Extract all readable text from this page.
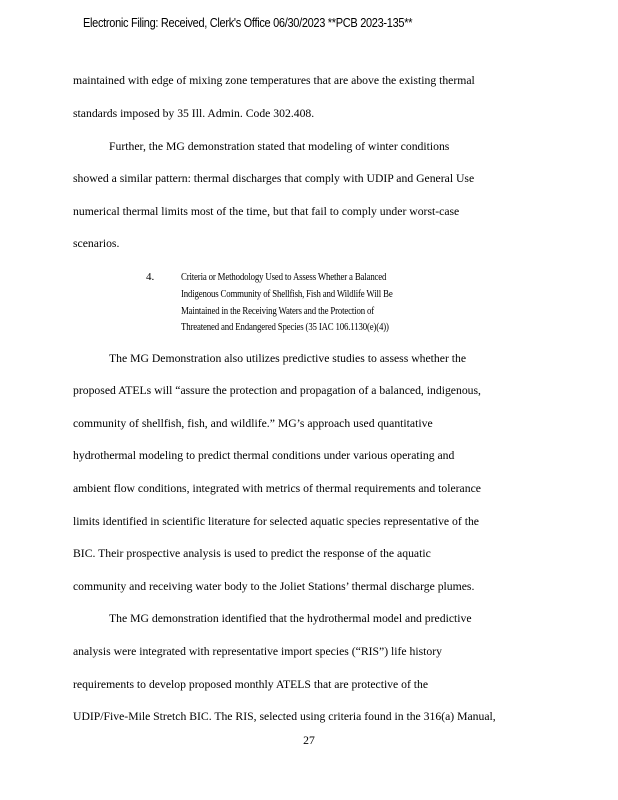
Electronic Filing: Received, Clerk's Office 06/30/2023 **PCB 2023-135**
maintained with edge of mixing zone temperatures that are above the existing thermal
standards imposed by 35 Ill. Admin. Code 302.408.
Further, the MG demonstration stated that modeling of winter conditions
showed a similar pattern: thermal discharges that comply with UDIP and General Use
numerical thermal limits most of the time, but that fail to comply under worst-case
scenarios.
4. Criteria or Methodology Used to Assess Whether a Balanced
Indigenous Community of Shellfish, Fish and Wildlife Will Be
Maintained in the Receiving Waters and the Protection of
Threatened and Endangered Species (35 IAC 106.1130(e)(4))
The MG Demonstration also utilizes predictive studies to assess whether the
proposed ATELs will “assure the protection and propagation of a balanced, indigenous,
community of shellfish, fish, and wildlife.” MG’s approach used quantitative
hydrothermal modeling to predict thermal conditions under various operating and
ambient flow conditions, integrated with metrics of thermal requirements and tolerance
limits identified in scientific literature for selected aquatic species representative of the
BIC. Their prospective analysis is used to predict the response of the aquatic
community and receiving water body to the Joliet Stations’ thermal discharge plumes.
The MG demonstration identified that the hydrothermal model and predictive
analysis were integrated with representative import species (“RIS”) life history
requirements to develop proposed monthly ATELS that are protective of the
UDIP/Five-Mile Stretch BIC. The RIS, selected using criteria found in the 316(a) Manual,
27
